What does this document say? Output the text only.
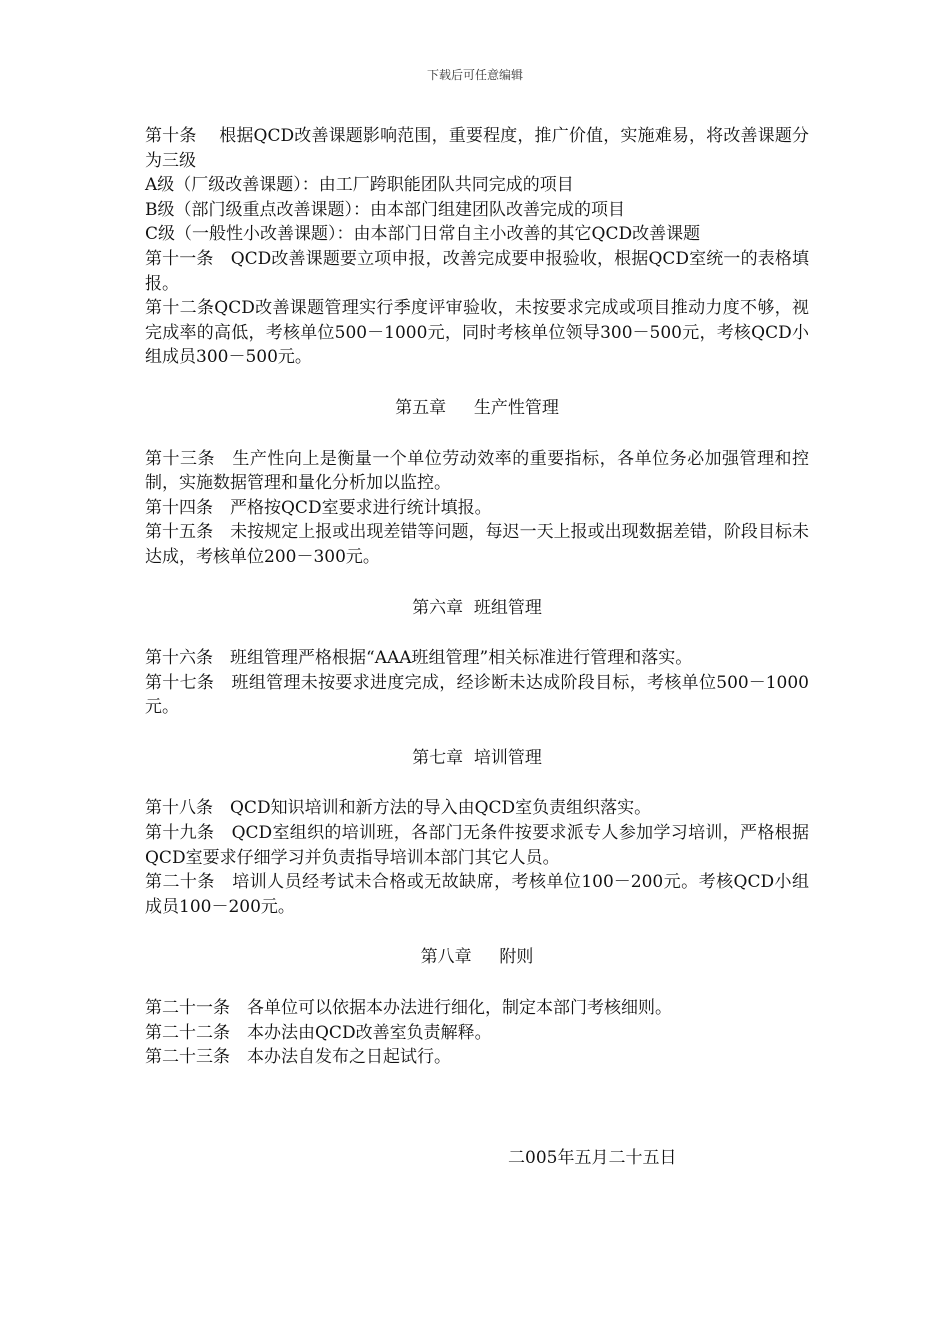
下载后可任意编辑

第十条 　根据QCD改善课题影响范围，重要程度，推广价值，实施难易，将改善课题分为三级

A级（厂级改善课题）：由工厂跨职能团队共同完成的项目

B级（部门级重点改善课题）：由本部门组建团队改善完成的项目

C级（一般性小改善课题）：由本部门日常自主小改善的其它QCD改善课题

第十一条　QCD改善课题要立项申报，改善完成要申报验收，根据QCD室统一的表格填报。

第十二条QCD改善课题管理实行季度评审验收，未按要求完成或项目推动力度不够，视完成率的高低，考核单位500－1000元，同时考核单位领导300－500元，考核QCD小组成员300－500元。

第五章　  生产性管理

第十三条　生产性向上是衡量一个单位劳动效率的重要指标，各单位务必加强管理和控制，实施数据管理和量化分析加以监控。

第十四条　严格按QCD室要求进行统计填报。

第十五条　未按规定上报或出现差错等问题，每迟一天上报或出现数据差错，阶段目标未达成，考核单位200－300元。

第六章  班组管理

第十六条　班组管理严格根据“AAA班组管理”相关标准进行管理和落实。

第十七条　班组管理未按要求进度完成，经诊断未达成阶段目标，考核单位500－1000元。

第七章  培训管理

第十八条　QCD知识培训和新方法的导入由QCD室负责组织落实。

第十九条　QCD室组织的培训班，各部门无条件按要求派专人参加学习培训，严格根据QCD室要求仔细学习并负责指导培训本部门其它人员。

第二十条　培训人员经考试未合格或无故缺席，考核单位100－200元。考核QCD小组成员100－200元。

第八章　  附则

第二十一条　各单位可以依据本办法进行细化，制定本部门考核细则。

第二十二条　本办法由QCD改善室负责解释。

第二十三条　本办法自发布之日起试行。

二005年五月二十五日
